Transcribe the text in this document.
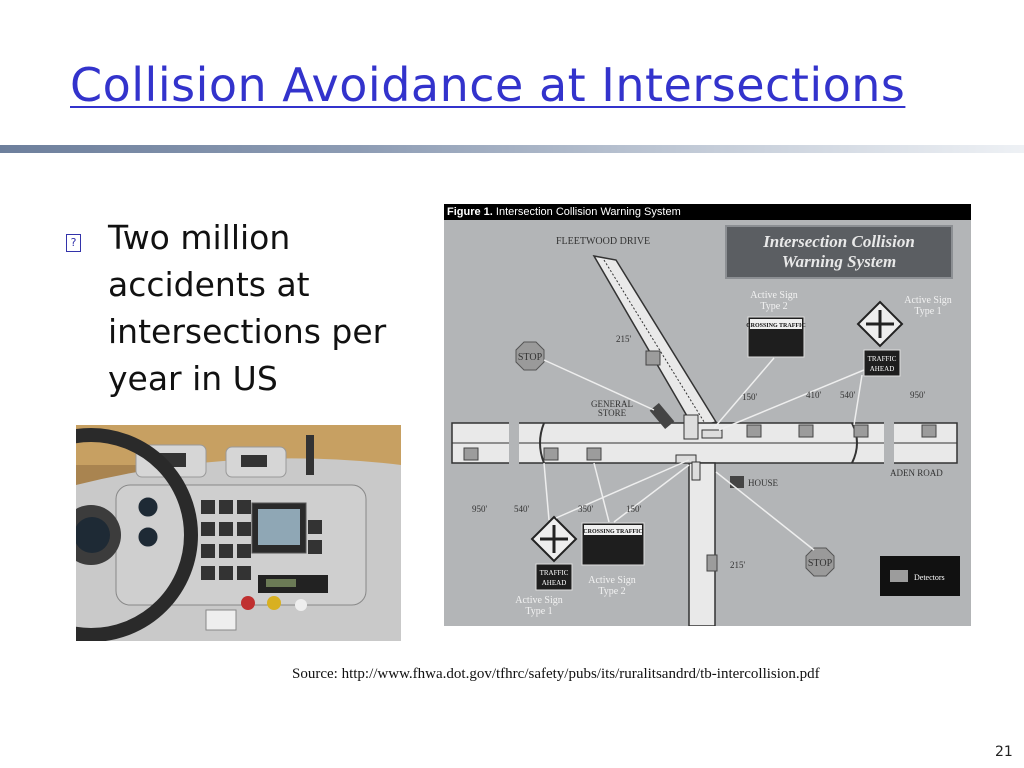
Collision Avoidance at Intersections
? Two million accidents at intersections per year in US
Figure 1. Intersection Collision Warning System
Intersection Collision
Warning System
FLEETWOOD DRIVE
STOP
STOP
GENERAL
STORE
HOUSE
ADEN ROAD
Active Sign
Type 2
CROSSING TRAFFIC
TRAFFIC
AHEAD
Active Sign
Type 1
TRAFFIC
AHEAD
Active Sign
Type 1
CROSSING TRAFFIC
Active Sign
Type 2
215'
150'	410' 540'	950'
950'	540'	350'	150'
215'
Detectors
Source: http://www.fhwa.dot.gov/tfhrc/safety/pubs/its/ruralitsandrd/tb-intercollision.pdf
21
